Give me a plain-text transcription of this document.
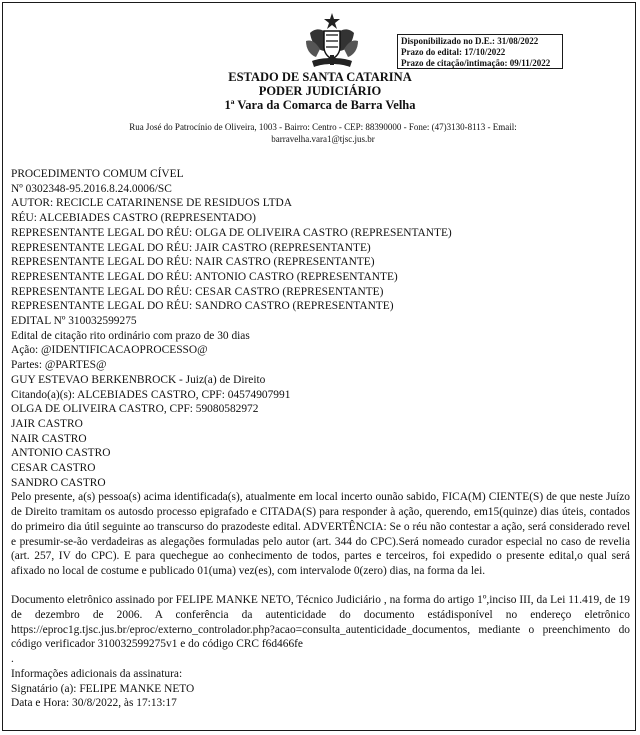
Disponibilizado no D.E.: 31/08/2022
Prazo do edital: 17/10/2022
Prazo de citação/intimação: 09/11/2022
ESTADO DE SANTA CATARINA
PODER JUDICIÁRIO
1ª Vara da Comarca de Barra Velha
Rua José do Patrocínio de Oliveira, 1003 - Bairro: Centro - CEP: 88390000 - Fone: (47)3130-8113 - Email:
barravelha.vara1@tjsc.jus.br
PROCEDIMENTO COMUM CÍVEL
Nº 0302348-95.2016.8.24.0006/SC
AUTOR: RECICLE CATARINENSE DE RESIDUOS LTDA
RÉU: ALCEBIADES CASTRO (REPRESENTADO)
REPRESENTANTE LEGAL DO RÉU: OLGA DE OLIVEIRA CASTRO (REPRESENTANTE)
REPRESENTANTE LEGAL DO RÉU: JAIR CASTRO (REPRESENTANTE)
REPRESENTANTE LEGAL DO RÉU: NAIR CASTRO (REPRESENTANTE)
REPRESENTANTE LEGAL DO RÉU: ANTONIO CASTRO (REPRESENTANTE)
REPRESENTANTE LEGAL DO RÉU: CESAR CASTRO (REPRESENTANTE)
REPRESENTANTE LEGAL DO RÉU: SANDRO CASTRO (REPRESENTANTE)
EDITAL Nº 310032599275
Edital de citação rito ordinário com prazo de 30 dias
Ação: @IDENTIFICACAOPROCESSO@
Partes: @PARTES@
GUY ESTEVAO BERKENBROCK - Juiz(a) de Direito
Citando(a)(s): ALCEBIADES CASTRO, CPF: 04574907991
OLGA DE OLIVEIRA CASTRO, CPF: 59080582972
JAIR CASTRO
NAIR CASTRO
ANTONIO CASTRO
CESAR CASTRO
SANDRO CASTRO

Pelo presente, a(s) pessoa(s) acima identificada(s), atualmente em local incerto ounão sabido, FICA(M) CIENTE(S) de que neste Juízo de Direito tramitam os autosdo processo epigrafado e CITADA(S) para responder à ação, querendo, em15(quinze) dias úteis, contados do primeiro dia útil seguinte ao transcurso do prazodeste edital. ADVERTÊNCIA: Se o réu não contestar a ação, será considerado revel e presumir-se-ão verdadeiras as alegações formuladas pelo autor (art. 344 do CPC).Será nomeado curador especial no caso de revelia (art. 257, IV do CPC). E para quechegue ao conhecimento de todos, partes e terceiros, foi expedido o presente edital,o qual será afixado no local de costume e publicado 01(uma) vez(es), com intervalode 0(zero) dias, na forma da lei.

Documento eletrônico assinado por FELIPE MANKE NETO, Técnico Judiciário , na forma do artigo 1º,inciso III, da Lei 11.419, de 19 de dezembro de 2006. A conferência da autenticidade do documento estádisponível no endereço eletrônico https://eproc1g.tjsc.jus.br/eproc/externo_controlador.php?acao=consulta_autenticidade_documentos, mediante o preenchimento do código verificador 310032599275v1 e do código CRC f6d466fe

.
Informações adicionais da assinatura:
Signatário (a): FELIPE MANKE NETO
Data e Hora: 30/8/2022, às 17:13:17
